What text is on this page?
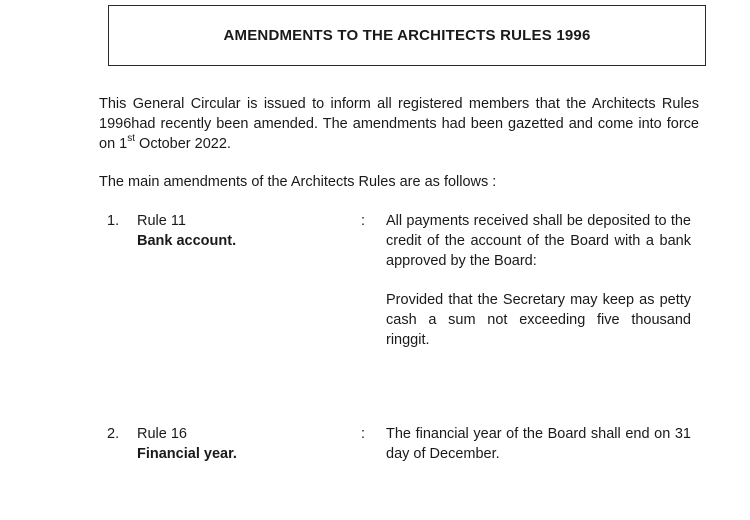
AMENDMENTS TO THE ARCHITECTS RULES 1996

This General Circular is issued to inform all registered members that the Architects Rules 1996had recently been amended. The amendments had been gazetted and come into force on 1st October 2022.

The main amendments of the Architects Rules are as follows :

1. Rule 11
Bank account.
: All payments received shall be deposited to the credit of the account of the Board with a bank approved by the Board:

Provided that the Secretary may keep as petty cash a sum not exceeding five thousand ringgit.

2. Rule 16
Financial year.
: The financial year of the Board shall end on 31 day of December.
